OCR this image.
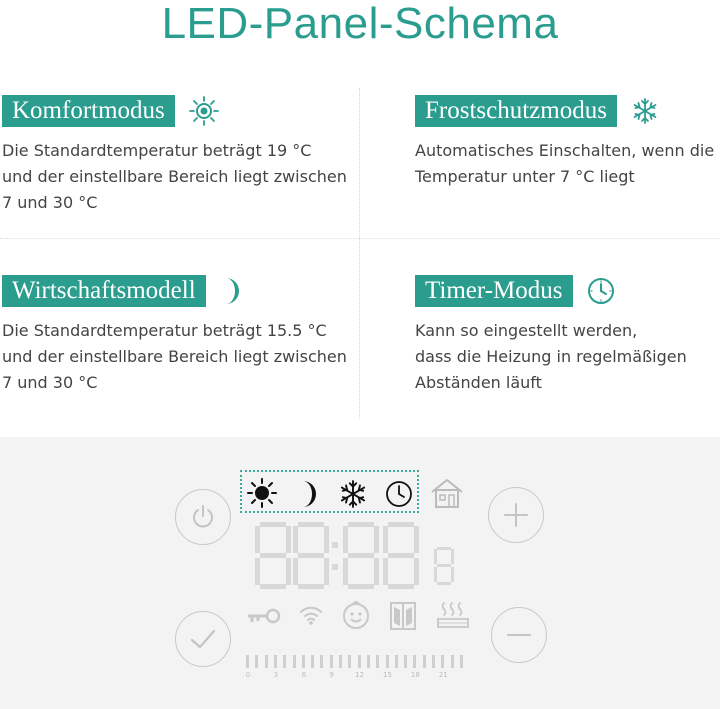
LED-Panel-Schema
Komfortmodus
Die Standardtemperatur beträgt 19 °C
und der einstellbare Bereich liegt zwischen
7 und 30 °C
Frostschutzmodus
Automatisches Einschalten, wenn die
Temperatur unter 7 °C liegt
Wirtschaftsmodell
Die Standardtemperatur beträgt 15.5 °C
und der einstellbare Bereich liegt zwischen
7 und 30 °C
Timer-Modus
Kann so eingestellt werden,
dass die Heizung in regelmäßigen
Abständen läuft
0	3	6	9	12	15	18	21
